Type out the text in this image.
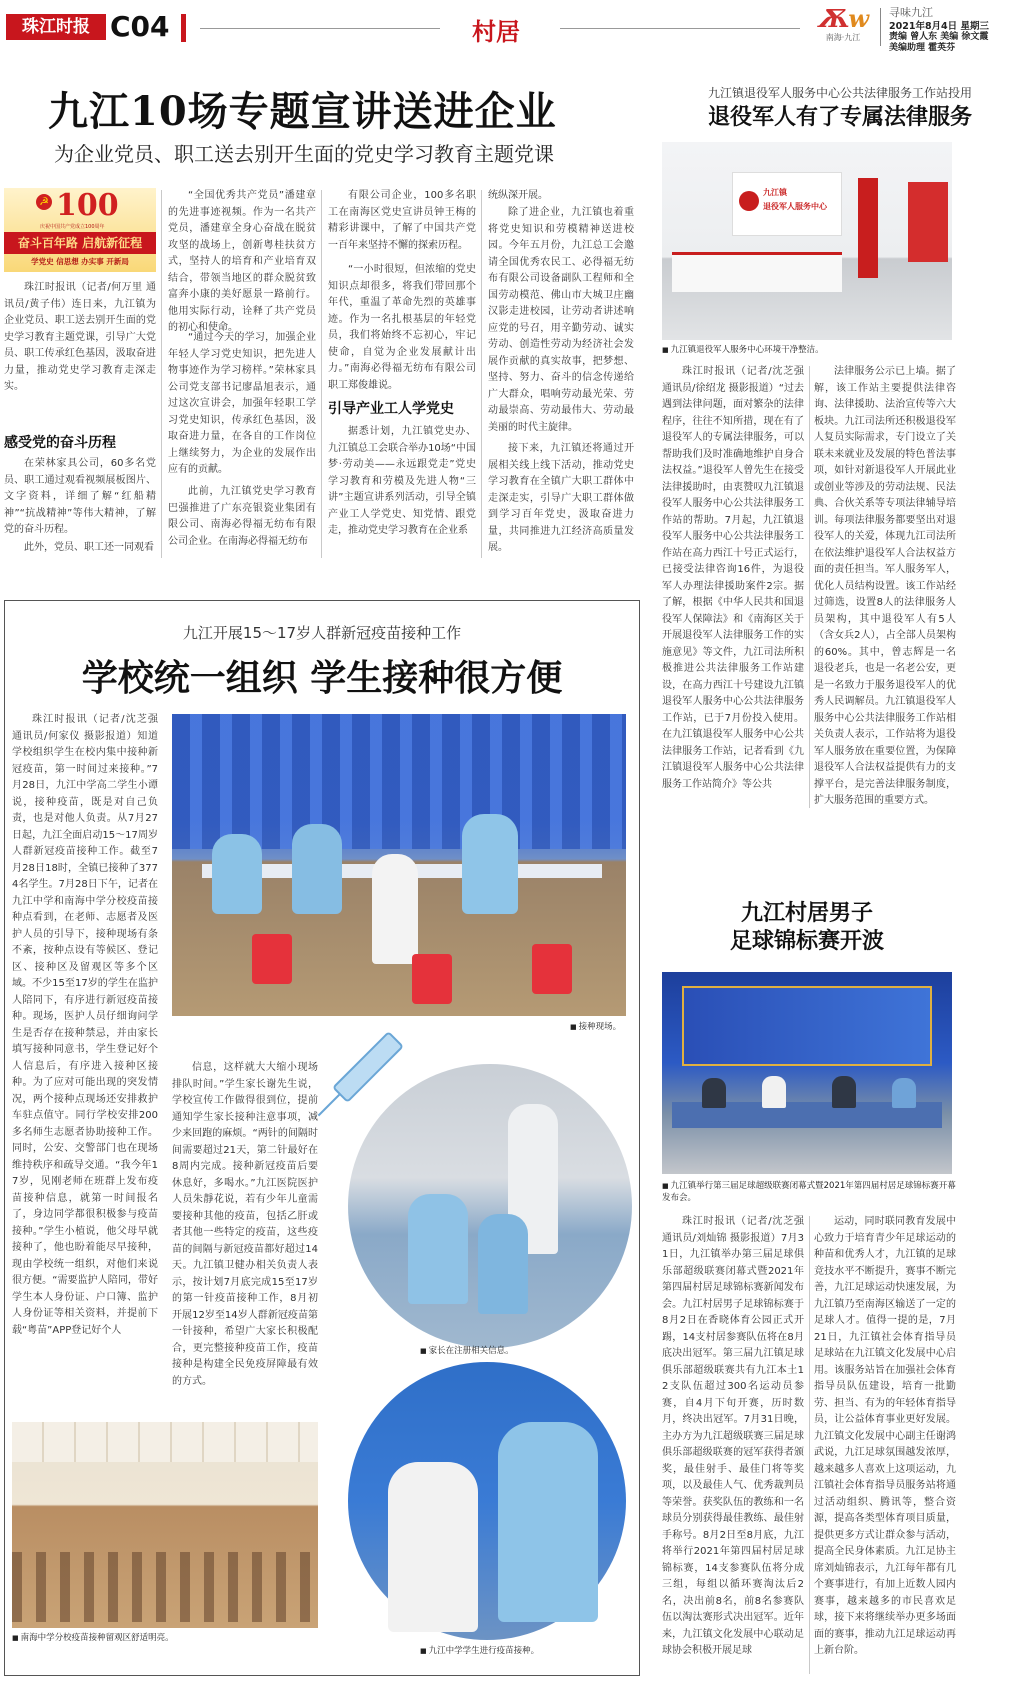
珠江时报 C04	村居	Ѫw
南海·九江
寻味九江
2021年8月4日 星期三
责编 曾人东 美编 徐文霞
美编助理 霍英芬
九江10场专题宣讲送进企业
为企业党员、职工送去别开生面的党史学习教育主题党课
☭ 100
庆祝中国共产党成立100周年
奋斗百年路 启航新征程
学党史 信思想 办实事 开新局

珠江时报讯（记者/何万里 通讯员/黄子伟）连日来，九江镇为企业党员、职工送去别开生面的党史学习教育主题党课，引导广大党员、职工传承红色基因，汲取奋进力量，推动党史学习教育走深走实。

感受党的奋斗历程

在荣林家具公司，60多名党员、职工通过观看视频展板图片、文字资料，详细了解“红船精神”“抗战精神”等伟大精神，了解党的奋斗历程。

此外，党员、职工还一同观看

“全国优秀共产党员”潘建章的先进事迹视频。作为一名共产党员，潘建章全身心奋战在脱贫攻坚的战场上，创新粤桂扶贫方式，坚持人的培育和产业培育双结合，带领当地区的群众脱贫致富奔小康的美好愿景一路前行。他用实际行动，诠释了共产党员的初心和使命。

“通过今天的学习，加强企业年轻人学习党史知识，把先进人物事迹作为学习榜样。”荣林家具公司党支部书记廖晶旭表示，通过这次宣讲会，加强年轻职工学习党史知识，传承红色基因，汲取奋进力量，在各自的工作岗位上继续努力，为企业的发展作出应有的贡献。

此前，九江镇党史学习教育巴强推进了广东亮银瓷业集团有限公司、南海必得福无纺布有限公司企业。在南海必得福无纺布

有限公司企业，100多名职工在南海区党史宣讲员钟王梅的精彩讲课中，了解了中国共产党一百年来坚持不懈的探索历程。

“一小时很短，但浓缩的党史知识点却很多，将我们带回那个年代，重温了革命先烈的英雄事迹。作为一名扎根基层的年轻党员，我们将始终不忘初心，牢记使命，自觉为企业发展献计出力。”南海必得福无纺布有限公司职工郑俊雄说。

引导产业工人学党史

据悉计划，九江镇党史办、九江镇总工会联合举办10场“中国梦·劳动美——永远跟党走”党史学习教育和劳模及先进人物“三讲”主题宣讲系列活动，引导全镇产业工人学党史、知党情、跟党走，推动党史学习教育在企业系

统纵深开展。

除了进企业，九江镇也着重将党史知识和劳模精神送进校园。今年五月份，九江总工会邀请全国优秀农民工、必得福无纺布有限公司设备副队工程师和全国劳动模范、佛山市大城卫庄幽汉影走进校园，让劳动者讲述响应党的号召，用辛勤劳动、诚实劳动、创造性劳动为经济社会发展作贡献的真实故事，把梦想、坚持、努力、奋斗的信念传递给广大群众，唱响劳动最光荣、劳动最崇高、劳动最伟大、劳动最美丽的时代主旋律。

接下来，九江镇还将通过开展相关线上线下活动，推动党史学习教育在全镇广大职工群体中走深走实，引导广大职工群体做到学习百年党史，汲取奋进力量，共同推进九江经济高质量发展。

九江开展15～17岁人群新冠疫苗接种工作
学校统一组织 学生接种很方便

珠江时报讯（记者/沈芝强 通讯员/何家仪 摄影报道）知道学校组织学生在校内集中接种新冠疫苗，第一时间过来接种。”7月28日，九江中学高二学生小谭说，接种疫苗，既是对自己负责，也是对他人负责。从7月27日起，九江全面启动15～17周岁人群新冠疫苗接种工作。截至7月28日18时，全镇已接种了3774名学生。7月28日下午，记者在九江中学和南海中学分校疫苗接种点看到，在老师、志愿者及医护人员的引导下，接种现场有条不紊，按种点设有等候区、登记区、接种区及留观区等多个区域。不少15至17岁的学生在监护人陪同下，有序进行新冠疫苗接种。现场，医护人员仔细询问学生是否存在接种禁忌，并由家长填写接种同意书，学生登记好个人信息后，有序进入接种区接种。为了应对可能出现的突发情况，两个接种点现场还安排救护车驻点值守。同行学校安排200多名师生志愿者协助接种工作。同时，公安、交警部门也在现场维持秩序和疏导交通。“我今年17岁，见刚老师在班群上发布疫苗接种信息，就第一时间报名了，身边同学都很积极参与疫苗接种。”学生小植说，他父母早就接种了，他也盼着能尽早接种，现由学校统一组织，对他们来说很方便。“需要监护人陪同，带好学生本人身份证、户口簿、监护人身份证等相关资料，并提前下载“粤苗”APP登记好个人

■ 接种现场。

信息，这样就大大缩小现场排队时间。”学生家长谢先生说，学校宣传工作做得很到位，提前通知学生家长接种注意事项，减少来回跑的麻烦。“两针的间隔时间需要超过21天，第二针最好在8周内完成。接种新冠疫苗后要休息好，多喝水。”九江医院医护人员朱靜花说，若有少年儿童需要接种其他的疫苗，包括乙肝或者其他一些特定的疫苗，这些疫苗的间隔与新冠疫苗都好超过14天。九江镇卫健办相关负责人表示，按计划7月底完成15至17岁的第一针疫苗接种工作，8月初开展12岁至14岁人群新冠疫苗第一针接种，希望广大家长积极配合，更完整接种疫苗工作，疫苗接种是构建全民免疫屏障最有效的方式。

■ 家长在注册相关信息。
■ 南海中学分校疫苗接种留观区舒适明亮。
■ 九江中学学生进行疫苗接种。
九江镇退役军人服务中心公共法律服务工作站投用
退役军人有了专属法律服务
九江镇
退役军人服务中心
■ 九江镇退役军人服务中心环境干净整洁。

珠江时报讯（记者/沈芝强 通讯员/徐绍龙 摄影报道）“过去遇到法律问题，面对繁杂的法律程序，往往不知所措，现在有了退役军人的专属法律服务，可以帮助我们及时准确地维护自身合法权益。”退役军人曾先生在接受法律援助时，由衷赞叹九江镇退役军人服务中心公共法律服务工作站的帮助。7月起，九江镇退役军人服务中心公共法律服务工作站在高力西江十号正式运行，已接受法律咨询16件，为退役军人办理法律援助案件2宗。据了解，根据《中华人民共和国退役军人保障法》和《南海区关于开展退役军人法律服务工作的实施意见》等文件，九江司法所积极推进公共法律服务工作站建设，在高力西江十号建设九江镇退役军人服务中心公共法律服务工作站，已于7月份投入使用。在九江镇退役军人服务中心公共法律服务工作站，记者看到《九江镇退役军人服务中心公共法律服务工作站简介》等公共

法律服务公示已上墙。据了解，该工作站主要提供法律咨询、法律援助、法治宣传等六大板块。九江司法所还积极退役军人复员实际需求，专门设立了关联未来就业及发展的特色普法事项，如针对新退役军人开展此业或创业等涉及的劳动法规、民法典、合伙关系等专项法律辅导培训。每项法律服务都要坚出对退役军人的关爱，体现九江司法所在依法维护退役军人合法权益方面的责任担当。军人服务军人，优化人员结构设置。该工作站经过筛选，设置8人的法律服务人员架构，其中退役军人有5人（含女兵2人），占全部人员架构的60%。其中，曾志辉是一名退役老兵，也是一名老公安，更是一名致力于服务退役军人的优秀人民调解员。九江镇退役军人服务中心公共法律服务工作站相关负责人表示，工作站将为退役军人服务放在重要位置，为保障退役军人合法权益提供有力的支撑平台，是完善法律服务制度，扩大服务范围的重要方式。

九江村居男子
足球锦标赛开波
■ 九江镇举行第三届足球超级联赛闭幕式暨2021年第四届村居足球锦标赛开幕发布会。

珠江时报讯（记者/沈芝强 通讯员/刘灿锦 摄影报道）7月31日，九江镇举办第三届足球俱乐部超级联赛闭幕式暨2021年第四届村居足球锦标赛新闻发布会。九江村居男子足球锦标赛于8月2日在香晓体育公园正式开踢，14支村居参赛队伍将在8月底决出冠军。第三届九江镇足球俱乐部超级联赛共有九江本土12支队伍超过300名运动员参赛，自4月下旬开赛，历时数月，终决出冠军。7月31日晚，主办方为九江超级联赛三届足球俱乐部超级联赛的冠军获得者颁奖，最佳射手、最佳门将等奖项，以及最佳人气、优秀裁判员等荣誉。获奖队伍的教练和一名球员分别获得最佳教练、最佳射手称号。8月2日至8月底，九江将举行2021年第四届村居足球锦标赛，14支参赛队伍将分成三组，每组以循环赛淘汰后2名，决出前8名，前8名参赛队伍以淘汰赛形式决出冠军。近年来，九江镇文化发展中心联动足球协会积极开展足球

运动，同时联同教育发展中心致力于培育青少年足球运动的种苗和优秀人才，九江镇的足球竞技水平不断提升，赛事不断完善，九江足球运动快速发展，为九江镇乃至南海区输送了一定的足球人才。值得一提的是，7月21日，九江镇社会体育指导员足球站在九江镇文化发展中心启用。该服务站旨在加强社会体育指导员队伍建设，培育一批勤劳、担当、有为的年轻体育指导员，让公益体育事业更好发展。九江镇文化发展中心副主任谢鸿武说，九江足球氛围越发浓厚，越来越多人喜欢上这项运动，九江镇社会体育指导员服务站将通过活动组织、腾讯等，整合资源，提高各类型体育项目质量，提供更多方式让群众参与活动，提高全民身体素质。九江足协主席刘灿锦表示，九江每年都有几个赛事进行，有加上近数人园内赛事，越来越多的市民喜欢足球，接下来将继续举办更多场面面的赛事，推动九江足球运动再上新台阶。
